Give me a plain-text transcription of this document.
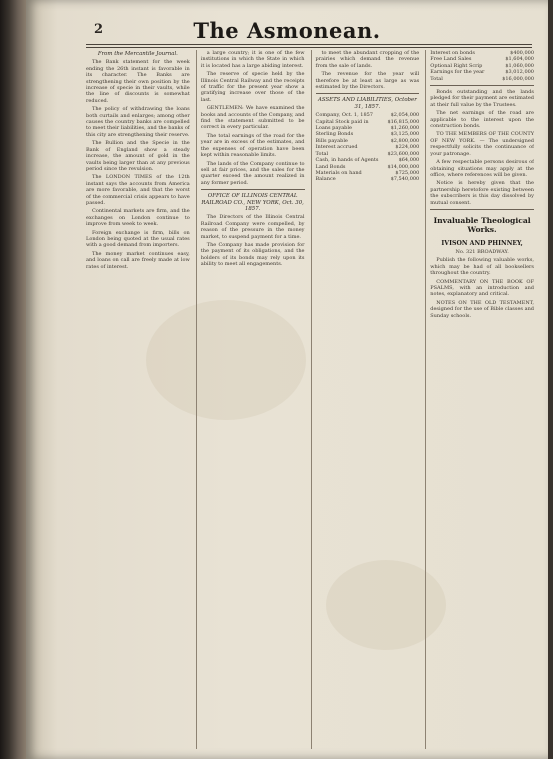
2	The Asmonean.
From the Mercantile Journal.

The Bank statement for the week ending the 26th instant is favorable in its character. The Banks are strengthening their own position by the increase of specie in their vaults, while the line of discounts is somewhat reduced.

The policy of withdrawing the loans both curtails and enlarges; among other causes the country banks are compelled to meet their liabilities, and the banks of this city are strengthening their reserve.

The Bullion and the Specie in the Bank of England show a steady increase, the amount of gold in the vaults being larger than at any previous period since the revulsion.

The LONDON TIMES of the 12th instant says the accounts from America are more favorable, and that the worst of the commercial crisis appears to have passed.

Continental markets are firm, and the exchanges on London continue to improve from week to week.

Foreign exchange is firm, bills on London being quoted at the usual rates with a good demand from importers.

The money market continues easy, and loans on call are freely made at low rates of interest.

a large country; it is one of the few institutions in which the State in which it is located has a large abiding interest.

The reserve of specie held by the Illinois Central Railway and the receipts of traffic for the present year show a gratifying increase over those of the last.

GENTLEMEN: We have examined the books and accounts of the Company, and find the statement submitted to be correct in every particular.

The total earnings of the road for the year are in excess of the estimates, and the expenses of operation have been kept within reasonable limits.

The lands of the Company continue to sell at fair prices, and the sales for the quarter exceed the amount realized in any former period.

OFFICE OF ILLINOIS CENTRAL RAILROAD CO., NEW YORK, Oct. 30, 1857.

The Directors of the Illinois Central Railroad Company were compelled, by reason of the pressure in the money market, to suspend payment for a time.

The Company has made provision for the payment of its obligations, and the holders of its bonds may rely upon its ability to meet all engagements.

to meet the abundant cropping of the prairies which demand the revenue from the sale of lands.

The revenue for the year will therefore be at least as large as was estimated by the Directors.

ASSETS AND LIABILITIES, October 31, 1857.
Company, Oct. 1, 1857	$2,054,000
Capital Stock paid in	$16,815,000
Loans payable	$1,260,000
Sterling Bonds	$3,125,000
Bills payable	$2,800,000
Interest accrued	$224,000
Total	$23,600,000
Cash, in hands of Agents	$64,000
Land Bonds	$14,000,000
Materials on hand	$725,000
Balance	$7,540,000
Interest on bonds	$400,000
Free Land Sales	$1,604,000
Optional Right Scrip	$1,060,000
Earnings for the year	$3,012,000
Total	$16,000,000

Bonds outstanding and the lands pledged for their payment are estimated at their full value by the Trustees.

The net earnings of the road are applicable to the interest upon the construction bonds.

TO THE MEMBERS OF THE COUNTY OF NEW YORK. — The undersigned respectfully solicits the continuance of your patronage.

A few respectable persons desirous of obtaining situations may apply at the office, where references will be given.

Notice is hereby given that the partnership heretofore existing between the subscribers is this day dissolved by mutual consent.

Invaluable Theological Works.
IVISON AND PHINNEY,
No. 321 BROADWAY.

Publish the following valuable works, which may be had of all booksellers throughout the country.

COMMENTARY ON THE BOOK OF PSALMS, with an introduction and notes, explanatory and critical.

NOTES ON THE OLD TESTAMENT, designed for the use of Bible classes and Sunday schools.
